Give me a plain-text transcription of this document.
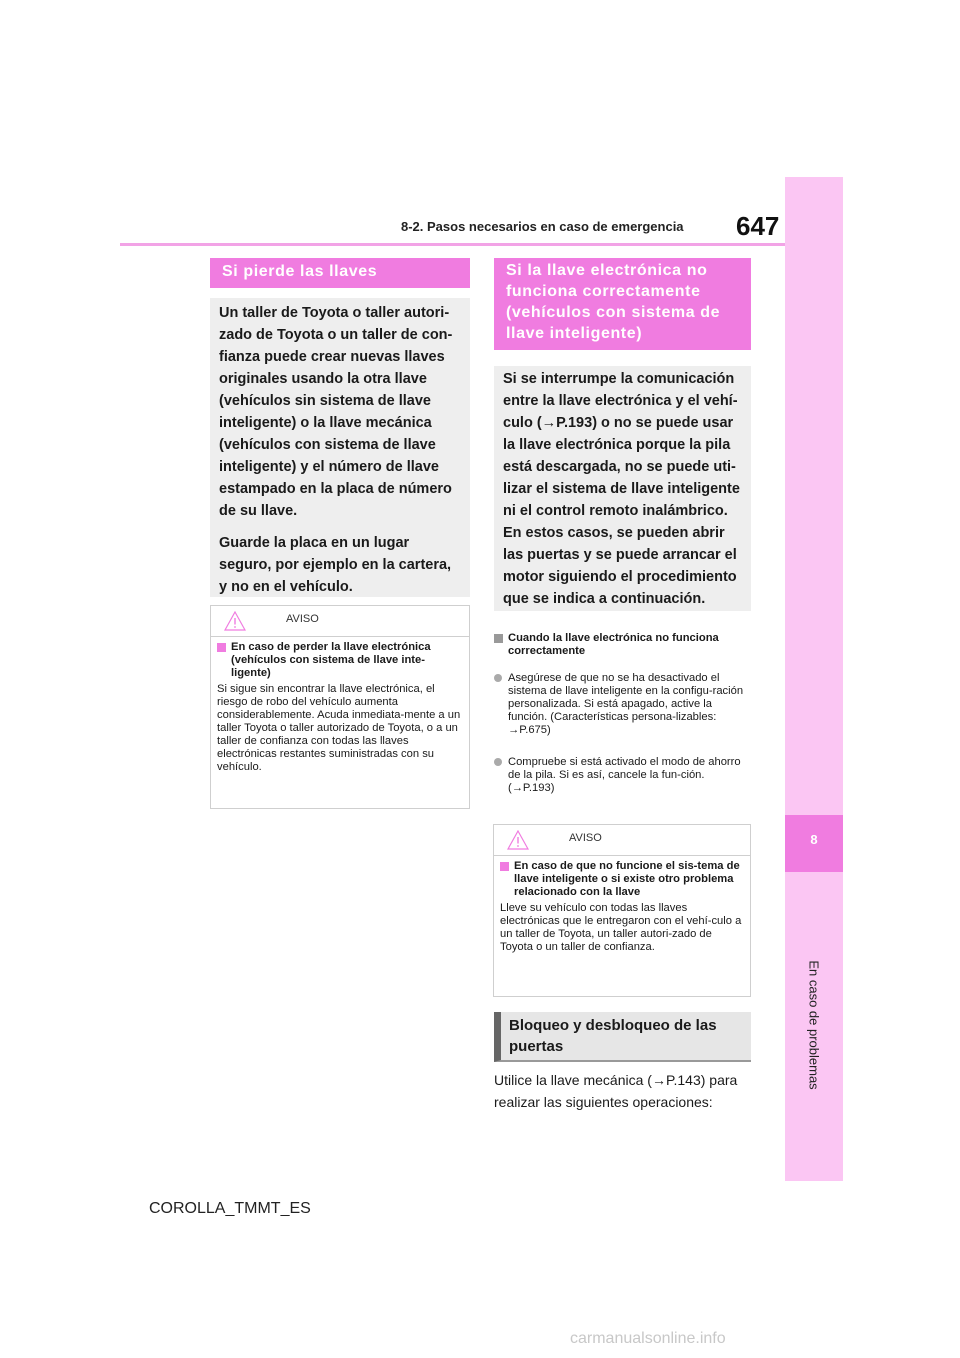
8-2. Pasos necesarios en caso de emergencia 647
8
En caso de problemas
Si pierde las llaves

Un taller de Toyota o taller autori-zado de Toyota o un taller de con-fianza puede crear nuevas llaves originales usando la otra llave (vehículos sin sistema de llave inteligente) o la llave mecánica (vehículos con sistema de llave inteligente) y el número de llave estampado en la placa de número de su llave.

Guarde la placa en un lugar seguro, por ejemplo en la cartera, y no en el vehículo.

AVISO
En caso de perder la llave electrónica (vehículos con sistema de llave inte-ligente)
Si sigue sin encontrar la llave electrónica, el riesgo de robo del vehículo aumenta considerablemente. Acuda inmediata-mente a un taller Toyota o taller autorizado de Toyota, o a un taller de confianza con todas las llaves electrónicas restantes suministradas con su vehículo.
Si la llave electrónica no funciona correctamente (vehículos con sistema de llave inteligente)

Si se interrumpe la comunicación entre la llave electrónica y el vehí-culo (→P.193) o no se puede usar la llave electrónica porque la pila está descargada, no se puede uti-lizar el sistema de llave inteligente ni el control remoto inalámbrico. En estos casos, se pueden abrir las puertas y se puede arrancar el motor siguiendo el procedimiento que se indica a continuación.

Cuando la llave electrónica no funciona correctamente
Asegúrese de que no se ha desactivado el sistema de llave inteligente en la configu-ración personalizada. Si está apagado, active la función. (Características persona-lizables: →P.675)
Compruebe si está activado el modo de ahorro de la pila. Si es así, cancele la fun-ción. (→P.193)
AVISO
En caso de que no funcione el sis-tema de llave inteligente o si existe otro problema relacionado con la llave
Lleve su vehículo con todas las llaves electrónicas que le entregaron con el vehí-culo a un taller de Toyota, un taller autori-zado de Toyota o un taller de confianza.
Bloqueo y desbloqueo de las puertas
Utilice la llave mecánica (→P.143) para realizar las siguientes operaciones:
COROLLA_TMMT_ES
carmanualsonline.info
